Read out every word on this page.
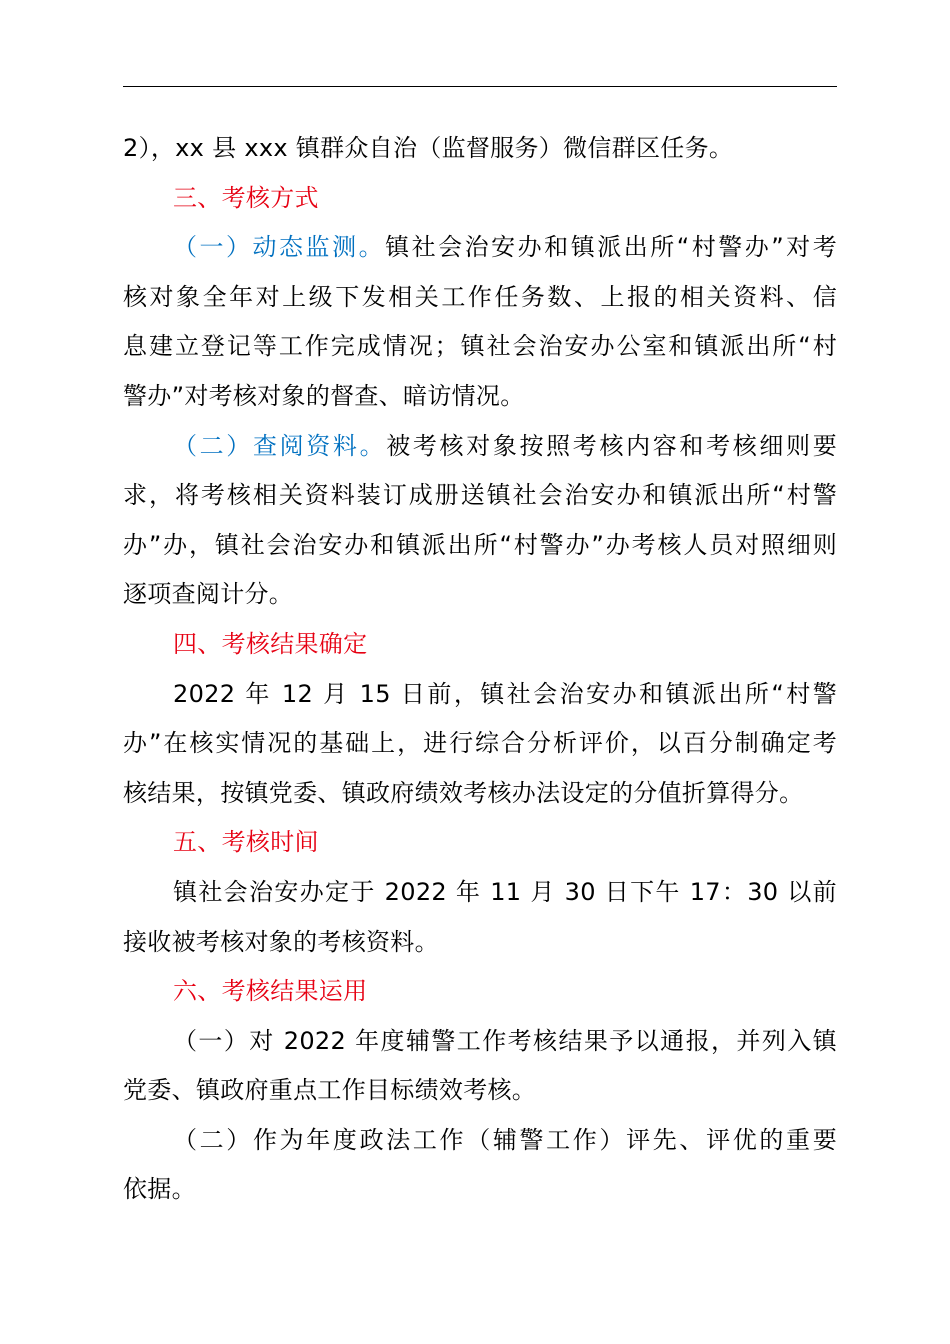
2），xx 县 xxx 镇群众自治（监督服务）微信群区任务。
三、考核方式
（一）动态监测。镇社会治安办和镇派出所“村警办”对考
核对象全年对上级下发相关工作任务数、上报的相关资料、信
息建立登记等工作完成情况；镇社会治安办公室和镇派出所“村
警办”对考核对象的督查、暗访情况。
（二）查阅资料。被考核对象按照考核内容和考核细则要
求，将考核相关资料装订成册送镇社会治安办和镇派出所“村警
办”办，镇社会治安办和镇派出所“村警办”办考核人员对照细则
逐项查阅计分。
四、考核结果确定
2022 年 12 月 15 日前，镇社会治安办和镇派出所“村警
办”在核实情况的基础上，进行综合分析评价，以百分制确定考
核结果，按镇党委、镇政府绩效考核办法设定的分值折算得分。
五、考核时间
镇社会治安办定于 2022 年 11 月 30 日下午 17：30 以前
接收被考核对象的考核资料。
六、考核结果运用
（一）对 2022 年度辅警工作考核结果予以通报，并列入镇
党委、镇政府重点工作目标绩效考核。
（二）作为年度政法工作（辅警工作）评先、评优的重要
依据。
